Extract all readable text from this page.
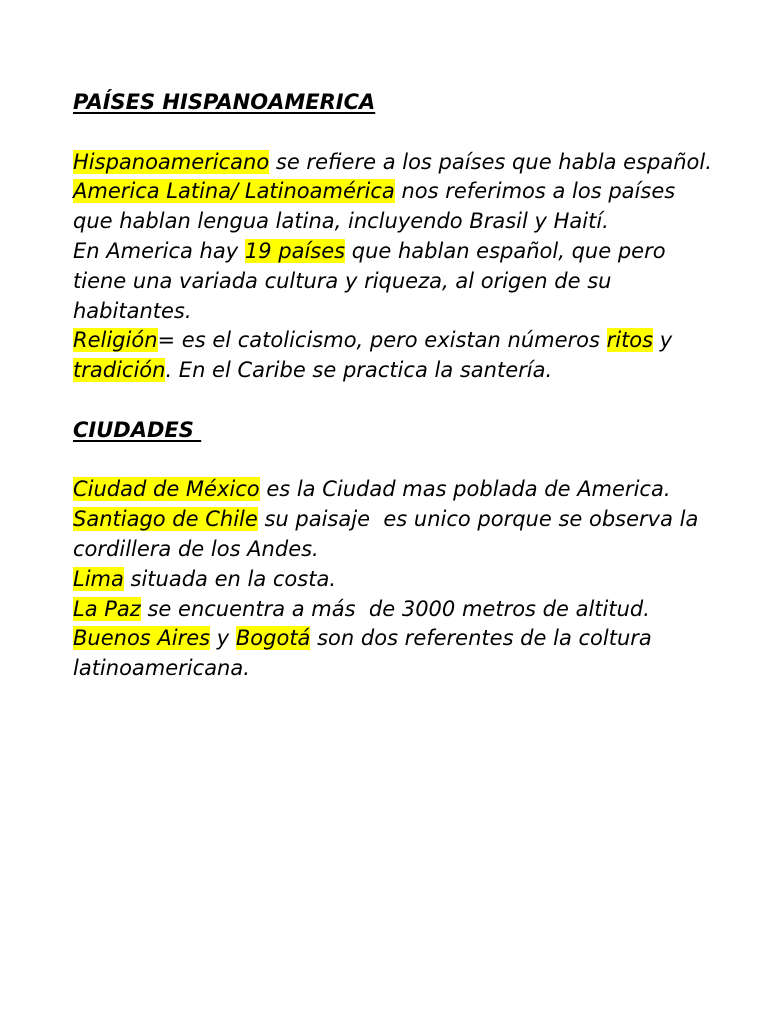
PAÍSES HISPANOAMERICA

Hispanoamericano se refiere a los países que habla español.

America Latina/ Latinoamérica nos referimos a los países que hablan lengua latina, incluyendo Brasil y Haití.

En America hay 19 países que hablan español, que pero tiene una variada cultura y riqueza, al origen de su habitantes.

Religión= es el catolicismo, pero existan números ritos y tradición. En el Caribe se practica la santería.

CIUDADES

Ciudad de México es la Ciudad mas poblada de America.

Santiago de Chile su paisaje  es unico porque se observa la cordillera de los Andes.

Lima situada en la costa.

La Paz se encuentra a más  de 3000 metros de altitud.

Buenos Aires y Bogotá son dos referentes de la coltura latinoamericana.
